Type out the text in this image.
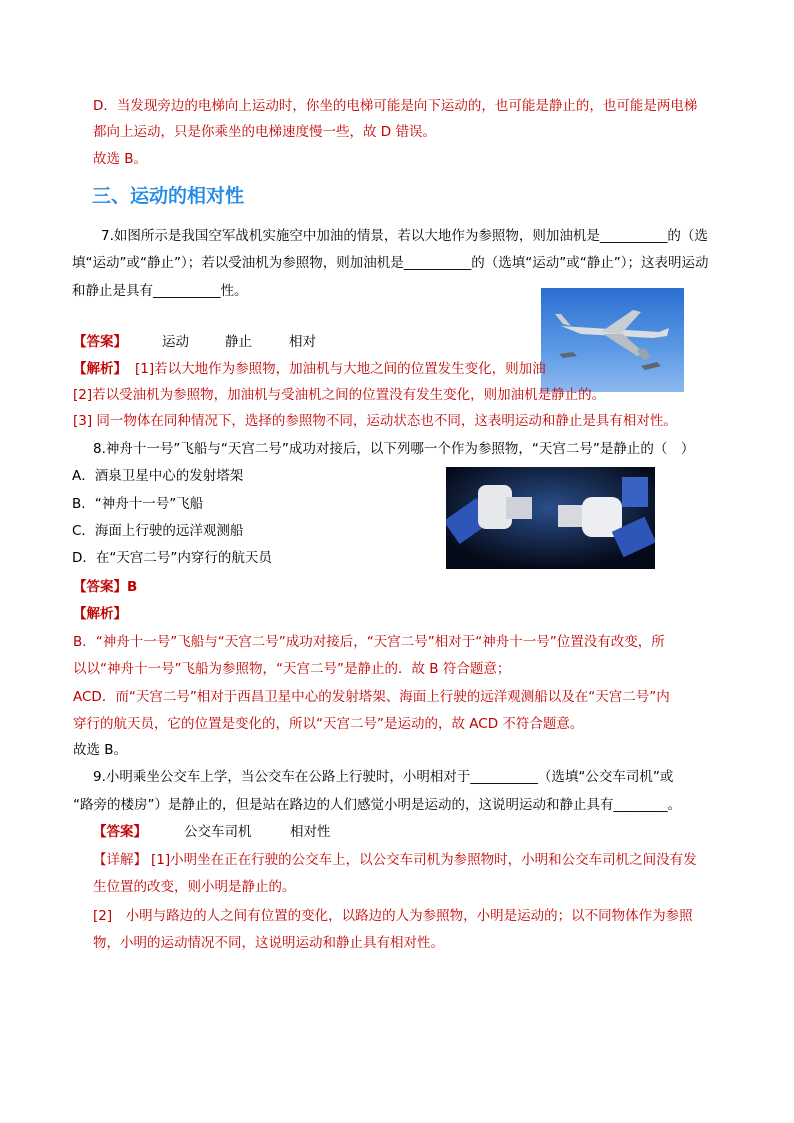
D．当发现旁边的电梯向上运动时，你坐的电梯可能是向下运动的，也可能是静止的，也可能是两电梯
都向上运动，只是你乘坐的电梯速度慢一些，故 D 错误。
故选 B。
三、运动的相对性
7.如图所示是我国空军战机实施空中加油的情景，若以大地作为参照物，则加油机是__________的（选
填“运动”或“静止”）；若以受油机为参照物，则加油机是__________的（选填“运动”或“静止”）；这表明运动
和静止是具有__________性。
【答案】	运动	静止	相对
【解析】 [1]若以大地作为参照物，加油机与大地之间的位置发生变化，则加油
[2]若以受油机为参照物，加油机与受油机之间的位置没有发生变化，则加油机是静止的。
[3] 同一物体在同种情况下，选择的参照物不同，运动状态也不同，这表明运动和静止是具有相对性。
8.神舟十一号”飞船与“天宫二号”成功对接后，以下列哪一个作为参照物，“天宫二号”是静止的（　）
A．酒泉卫星中心的发射塔架
B．“神舟十一号”飞船
C．海面上行驶的远洋观测船
D．在“天宫二号”内穿行的航天员
【答案】B
【解析】
B．“神舟十一号”飞船与“天宫二号”成功对接后，“天宫二号”相对于“神舟十一号”位置没有改变，所
以以“神舟十一号”飞船为参照物，“天宫二号”是静止的．故 B 符合题意；
ACD．而“天宫二号”相对于西昌卫星中心的发射塔架、海面上行驶的远洋观测船以及在“天宫二号”内
穿行的航天员，它的位置是变化的，所以“天宫二号”是运动的，故 ACD 不符合题意。
故选 B。
9.小明乘坐公交车上学，当公交车在公路上行驶时，小明相对于__________（选填“公交车司机”或
“路旁的楼房”）是静止的，但是站在路边的人们感觉小明是运动的，这说明运动和静止具有________。
【答案】	公交车司机	相对性
【详解】 [1]小明坐在正在行驶的公交车上，以公交车司机为参照物时，小明和公交车司机之间没有发
生位置的改变，则小明是静止的。
[2]　小明与路边的人之间有位置的变化，以路边的人为参照物，小明是运动的；以不同物体作为参照
物，小明的运动情况不同，这说明运动和静止具有相对性。
